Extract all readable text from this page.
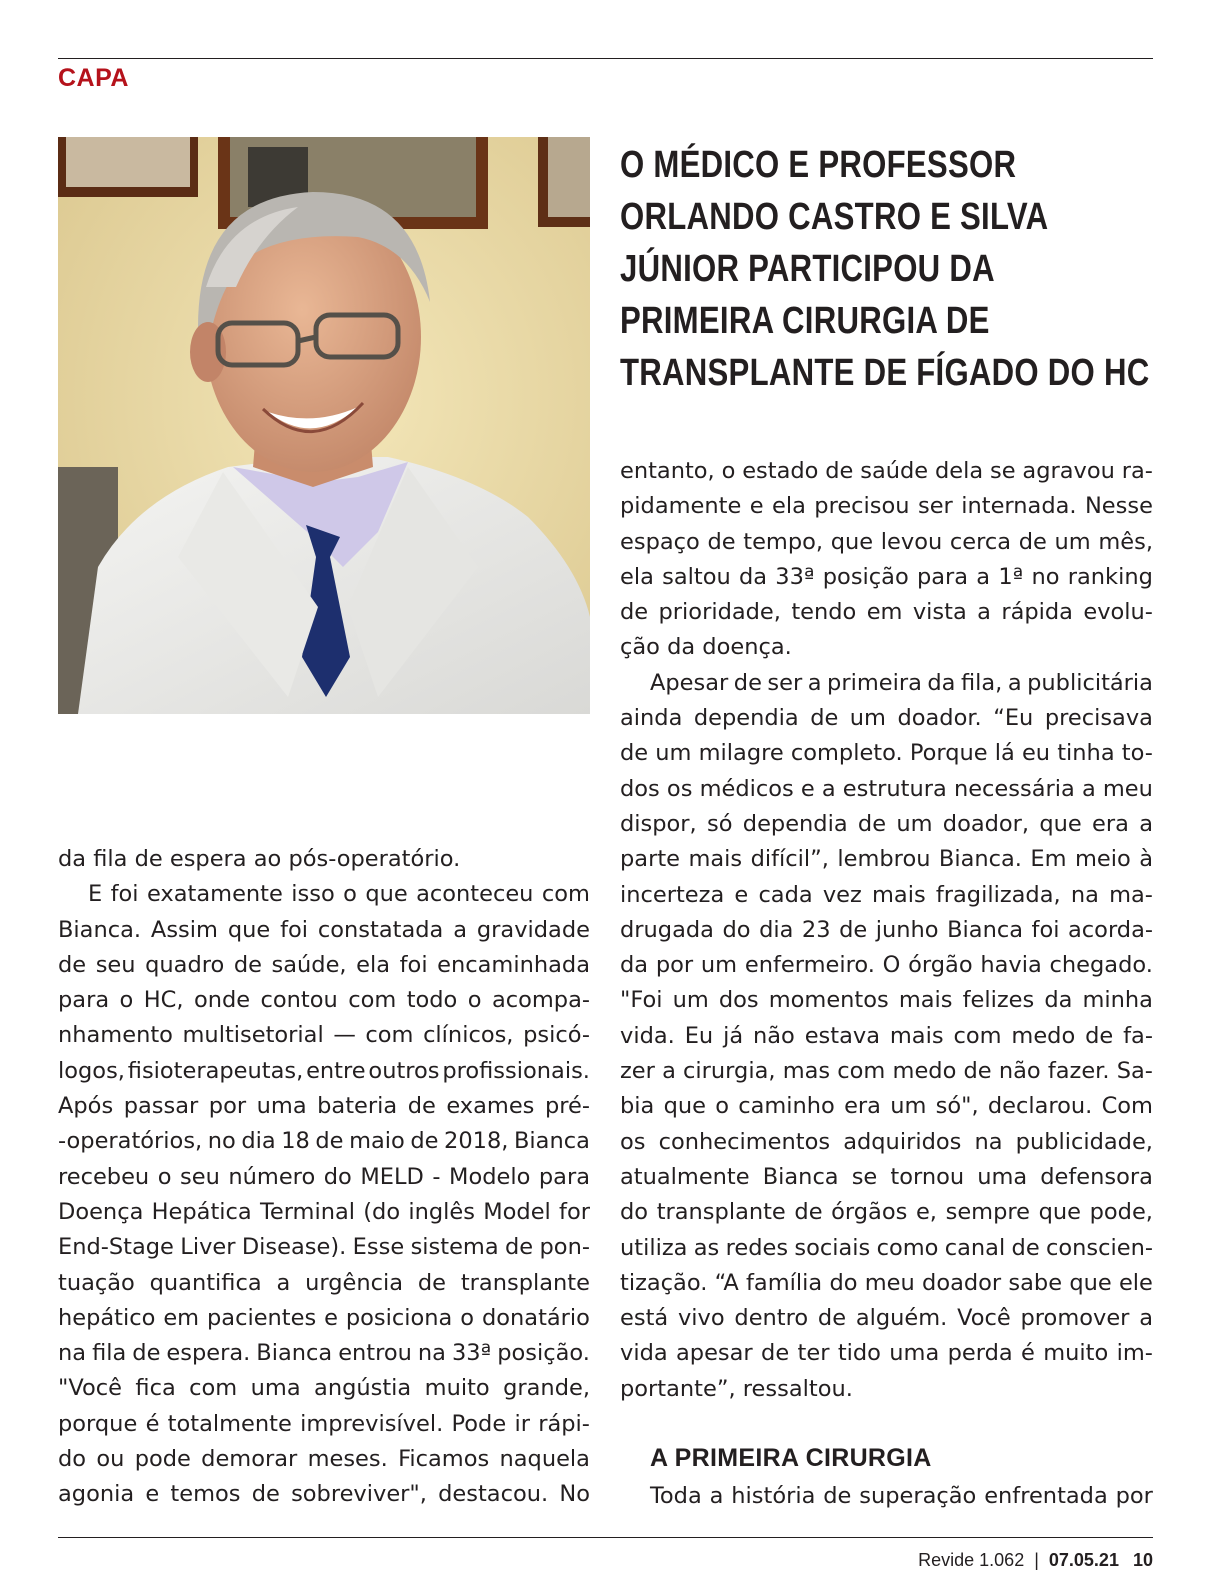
CAPA
O MÉDICO E PROFESSOR
ORLANDO CASTRO E SILVA
JÚNIOR PARTICIPOU DA
PRIMEIRA CIRURGIA DE
TRANSPLANTE DE FÍGADO DO HC
da fila de espera ao pós-operatório.
E foi exatamente isso o que aconteceu com
Bianca. Assim que foi constatada a gravidade
de seu quadro de saúde, ela foi encaminhada
para o HC, onde contou com todo o acompa-
nhamento multisetorial — com clínicos, psicó-
logos, fisioterapeutas, entre outros profissionais.
Após passar por uma bateria de exames pré-
-operatórios, no dia 18 de maio de 2018, Bianca
recebeu o seu número do MELD - Modelo para
Doença Hepática Terminal (do inglês Model for
End-Stage Liver Disease). Esse sistema de pon-
tuação quantifica a urgência de transplante
hepático em pacientes e posiciona o donatário
na fila de espera. Bianca entrou na 33ª posição.
"Você fica com uma angústia muito grande,
porque é totalmente imprevisível. Pode ir rápi-
do ou pode demorar meses. Ficamos naquela
agonia e temos de sobreviver", destacou. No
entanto, o estado de saúde dela se agravou ra-
pidamente e ela precisou ser internada. Nesse
espaço de tempo, que levou cerca de um mês,
ela saltou da 33ª posição para a 1ª no ranking
de prioridade, tendo em vista a rápida evolu-
ção da doença.
Apesar de ser a primeira da fila, a publicitária
ainda dependia de um doador. “Eu precisava
de um milagre completo. Porque lá eu tinha to-
dos os médicos e a estrutura necessária a meu
dispor, só dependia de um doador, que era a
parte mais difícil”, lembrou Bianca. Em meio à
incerteza e cada vez mais fragilizada, na ma-
drugada do dia 23 de junho Bianca foi acorda-
da por um enfermeiro. O órgão havia chegado.
"Foi um dos momentos mais felizes da minha
vida. Eu já não estava mais com medo de fa-
zer a cirurgia, mas com medo de não fazer. Sa-
bia que o caminho era um só", declarou. Com
os conhecimentos adquiridos na publicidade,
atualmente Bianca se tornou uma defensora
do transplante de órgãos e, sempre que pode,
utiliza as redes sociais como canal de conscien-
tização. “A família do meu doador sabe que ele
está vivo dentro de alguém. Você promover a
vida apesar de ter tido uma perda é muito im-
portante”, ressaltou.
A PRIMEIRA CIRURGIA
Toda a história de superação enfrentada por
Revide 1.062 | 07.05.21 10
